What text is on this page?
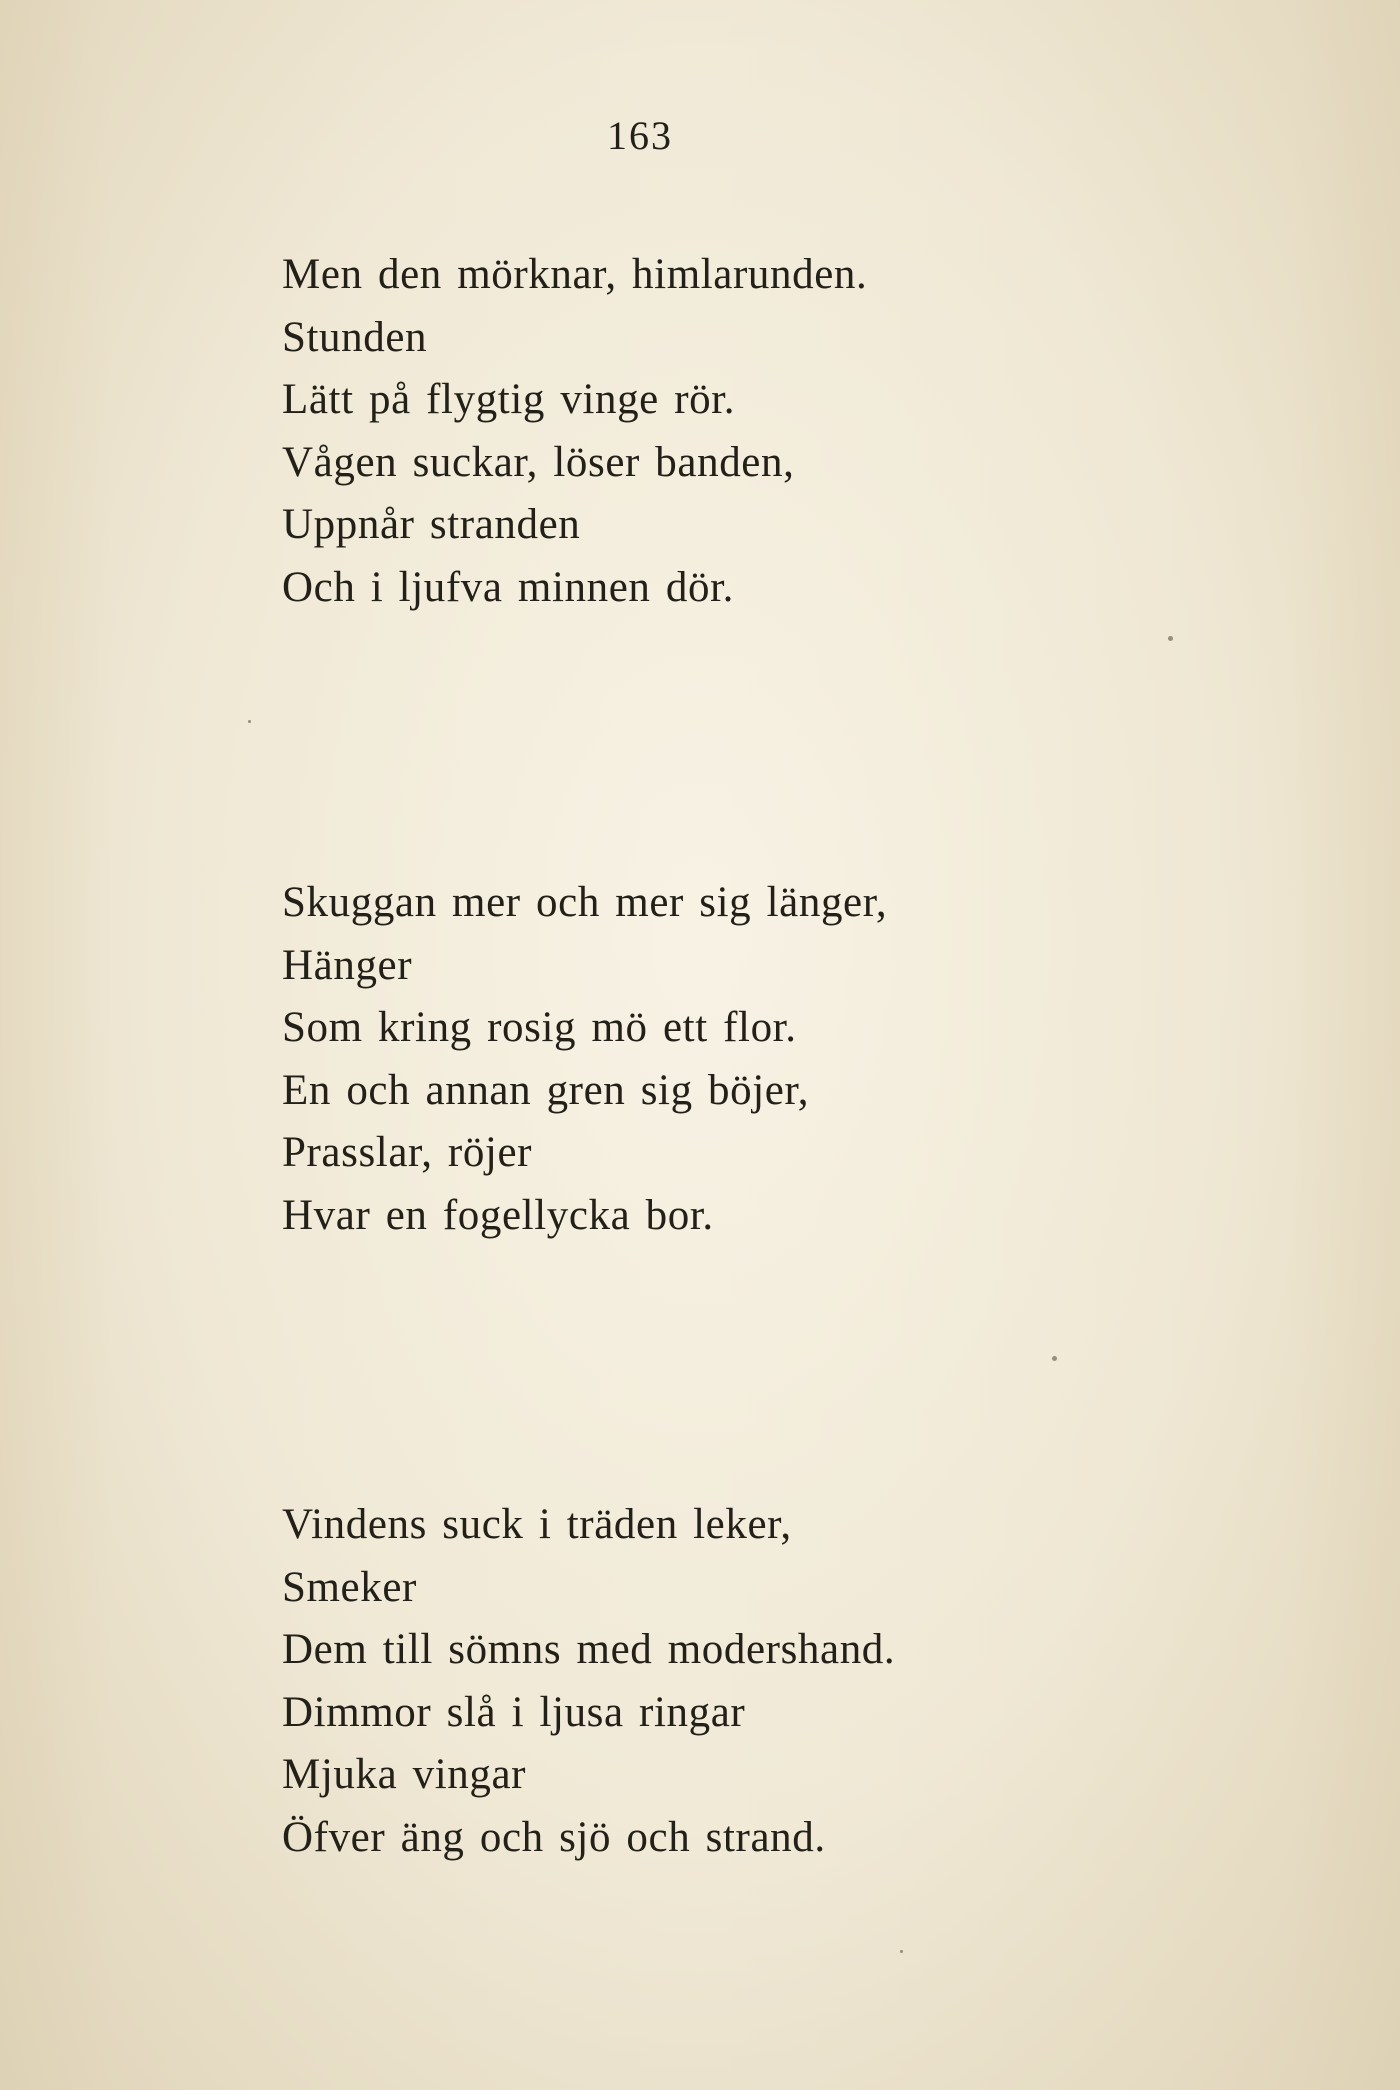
163
Men den mörknar, himlarunden.
Stunden
Lätt på flygtig vinge rör.
Vågen suckar, löser banden,
Uppnår stranden
Och i ljufva minnen dör.
Skuggan mer och mer sig länger,
Hänger
Som kring rosig mö ett flor.
En och annan gren sig böjer,
Prasslar, röjer
Hvar en fogellycka bor.
Vindens suck i träden leker,
Smeker
Dem till sömns med modershand.
Dimmor slå i ljusa ringar
Mjuka vingar
Öfver äng och sjö och strand.
